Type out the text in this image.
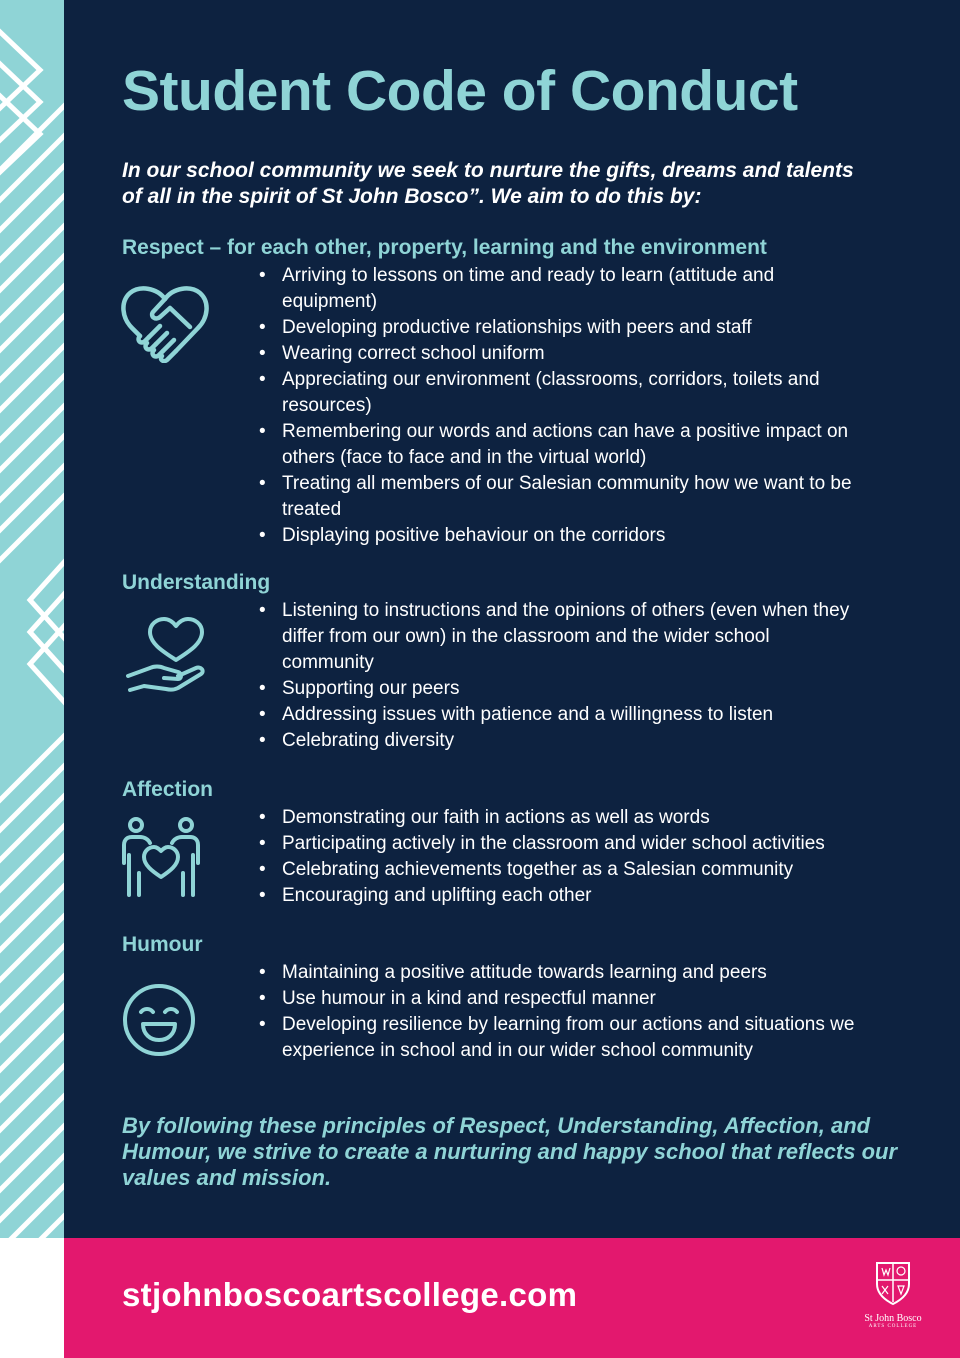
Student Code of Conduct

In our school community we seek to nurture the gifts, dreams and talents of all in the spirit of St John Bosco”. We aim to do this by:

Respect – for each other, property, learning and the environment
• Arriving to lessons on time and ready to learn (attitude and equipment)
• Developing productive relationships with peers and staff
• Wearing correct school uniform
• Appreciating our environment (classrooms, corridors, toilets and resources)
• Remembering our words and actions can have a positive impact on others (face to face and in the virtual world)
• Treating all members of our Salesian community how we want to be treated
• Displaying positive behaviour on the corridors
Understanding
• Listening to instructions and the opinions of others (even when they differ from our own) in the classroom and the wider school community
• Supporting our peers
• Addressing issues with patience and a willingness to listen
• Celebrating diversity
Affection
• Demonstrating our faith in actions as well as words
• Participating actively in the classroom and wider school activities
• Celebrating achievements together as a Salesian community
• Encouraging and uplifting each other
Humour
• Maintaining a positive attitude towards learning and peers
• Use humour in a kind and respectful manner
• Developing resilience by learning from our actions and situations we experience in school and in our wider school community

By following these principles of Respect, Understanding, Affection, and Humour, we strive to create a nurturing and happy school that reflects our values and mission.

stjohnboscoartscollege.com
St John Bosco
ARTS COLLEGE
